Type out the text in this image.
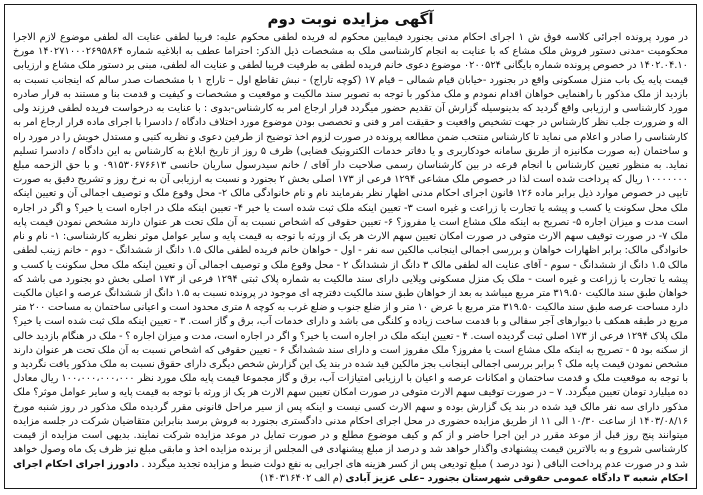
آگهی مزایده نوبت دوم

در مورد پرونده اجرائی کلاسه فوق ش ۱ اجرای احکام مدنی بجنورد فیمابین محکوم له فریده لطفی محکوم علیه: فریبا لطفی عنایت اله لطفی موضوع لازم الاجرا محکومیت -مدنی دستور فروش ملک مشاع که با عنایت به انجام کارشناسی ملک به مشخصات ذیل الذکر: احتراما عطف به ابلاغیه شماره ۱۴۰۲۷۱۰۰۰۲۶۹۵۸۶۴ مورخ ۱۴۰۲.۰۴.۱۰ در خصوص پرونده شماره بایگانی ۰۲۰۰۵۲۴ موضوع دعوی خانم فریده لطفی به طرفیت فریبا لطفی و عنایت اله لطفی، مبنی بر دستور ملک مشاع و ارزیابی قیمت پایه یک باب منزل مسکونی واقع در بجنورد -خیابان قیام شمالی – قیام ۱۷ (کوچه تاراج) - نبش تقاطع اول – تاراج ۱ با مشخصات صدر سالم که اینجانب نسبت به بازدید از ملک مذکور با راهنمایی خواهان اقدام نمودم و ملک مذکور با توجه به تصویر سند مالکیت و موقعیت و مشخصات و کیفیت و قدمت بنا و مستند به قرار صادره مورد کارشناسی و ارزیابی واقع گردید که بدینوسیله گزارش آن تقدیم حضور میگردد قرار ارجاع امر به کارشناس-بدوی : با عنایت به درخواست فریده لطفی فرزند ولی اله و ضرورت جلب نظر کارشناس در جهت تشخیص واقعیت و حقیقت امر و فنی و تخصصی بودن موضوع مورد اختلاف دادگاه / دادسرا با اجرای ماده قرار ارجاع امر به کارشناسی را صادر و اعلام می نماید تا کارشناس منتخب ضمن مطالعه پرونده در صورت لزوم اخذ توضیح از طرفین دعوی و نظریه کتبی و مستدل خویش را در مورد راه و ساختمان (به صورت مکانیزه از طریق سامانه خودکاربری و یا دفاتر خدمات الکترونیک قضایی) ظرف ۵ روز از تاریخ ابلاغ به کارشناس به این دادگاه / دادسرا تسلیم نماید. به منظور تعیین کارشناس با انجام قرعه در بین کارشناسان رسمی صلاحیت دار آقای / خانم سیدرسول ساریان حانسی ۰۹۱۵۳۰۶۷۶۶۱۳ و با حق الزحمه مبلغ ۱۰۰۰۰۰۰۰ ریال که پرداخت شده است لذا در خصوص ملک مشاعی ۱۲۹۴ فرعی از ۱۷۳ اصلی بخش ۲ بجنورد و نسبت به ارزیابی آن به نرخ روز و تشریح دقیق به صورت تایپی در خصوص موارد ذیل برابر ماده ۱۲۶ قانون اجرای احکام مدنی اظهار نظر بفرمایند نام و نام خانوادگی مالک ۲- محل وقوع ملک و توصیف اجمالی آن و تعیین اینکه ملک محل سکونت یا کسب و پیشه یا تجارت یا زراعت و غیره است ۳- تعیین اینکه ملک ثبت شده است یا خیر ۴- تعیین اینکه ملک در اجاره است یا خیر؟ و اگر در اجاره است مدت و میزان اجاره ۵- تصریح به اینکه ملک مشاع است یا مفروز؟ ۶- تعیین حقوقی که اشخاص نسبت به آن ملک تحت هر عنوان دارند مشخص نمودن قیمت پایه ملک ۷- در صورت توقیف سهم الارث متوفی در صورت امکان تعیین سهم الارث هر یک از ورثه با توجه به قیمت پایه و سایر عوامل موثر نظریه کارشناسی: ۱- نام و نام خانوادگی مالک: برابر اظهارات خواهان و بررسی اجمالی اینجانب مالکین سه نفر - اول - خواهان خانم فریده لطفی مالک ۱.۵ دانگ از ششدانگ - دوم - خانم زینب لطفی مالک ۱.۵ دانگ از ششدانگ - سوم - آقای عنایت اله لطفی مالک ۳ دانگ از ششدانگ ۲ - محل وقوع ملک و توصیف اجمالی آن و تعیین اینکه ملک محل سکونت یا کسب و پیشه یا تجارت یا زراعت و غیره است - ملک یک منزل مسکونی ویلایی دارای سند مالکیت به شماره پلاک ثبتی ۱۲۹۴ فرعی از ۱۷۳ اصلی بخش دو بجنورد می باشد که خواهان طبق سند مالکیت ۳۱۹.۵۰ متر مربع میباشد به بعد از خواهان طبق سند مالکیت دفترچه ای موجود در پرونده نسبت به ۱.۵ دانگ از ششدانگ عرصه و اعیان مالکیت دارد مساحت عرصه طبق سند مالکیت ۳۱۹.۵۰ متر مربع با عرض ۱۰ متر و از ضلع جنوب و ضلع غرب به کوچه ۸ متری محدود است و اعیانی ساختمان به مساحت ۲۰۰ متر مربع در طبقه همکف با دیوارهای آجر سفالی و با قدمت ساخت زیاده و کلنگی می باشد و دارای خدمات آب، برق و گاز است. ۳ - تعیین اینکه ملک ثبت شده است یا خیر؟ ملک پلاک ۱۲۹۴ فرعی از ۱۷۳ اصلی ثبت گردیده است. ۴ - تعیین اینکه ملک در اجاره است یا خیر؟ و اگر در اجاره است، مدت و میزان اجاره ؟ - ملک در هنگام بازدید خالی از سکنه بود ۵ - تصریح به اینکه ملک مشاع است یا مفروز؟ ملک مفروز است و دارای سند ششدانگ ۶ - تعیین حقوقی که اشخاص نسبت به آن ملک تحت هر عنوان دارند مشخص نمودن قیمت پایه ملک ؟ برابر بررسی اجمالی اینجانب بجز مالکین قید شده در بند یک این گزارش شخص دیگری دارای حقوق نسبت به ملک مذکور یافت نگردید و با توجه به موقعیت ملک و قدمت ساختمان و امکانات عرصه و اعیان با ارزیابی امتیازات آب، برق و گاز مجموعا قیمت پایه ملک مورد نظر ۱۰۰،۰۰۰،۰۰۰،۰۰۰ ریال معادل ده میلیارد تومان تعیین میگردد. ۷ – در صورت توقیف سهم الارث متوفی در صورت امکان تعیین سهم الارث هر یک از ورثه با توجه به قیمت پایه و سایر عوامل موثر؟ ملک مذکور دارای سه نفر مالک قید شده در بند یک گزارش بوده و سهم الارث کسی نیست و اینکه پس از سیر مراحل قانونی مقرر گردیده ملک مذکور در روز شنبه مورخ ۱۴۰۳/۰۸/۱۶ از ساعت ۱۰/۳۰ الی ۱۱ از طریق مزایده حضوری در محل اجرای احکام مدنی دادگستری بجنورد به فروش برسد بنابراین متقاضیان شرکت در جلسه مزایده میتوانند پنج روز قبل از موعد مقرر در این اجرا حاضر و از کم و کیف موضوع مطلع و در صورت تمایل در موعد مزایده شرکت نمایند. بدیهی است مزایده از قیمت کارشناسی شروع و به بالاترین قیمت پیشنهادی واگذار خواهد شد و درصد از مبلغ پیشنهادی فی المجلس از برنده مزایده اخذ و مابقی مبلغ نیز ظرف یک ماه وصول خواهد شد و در صورت عدم پرداخت الباقی ( نود درصد ) مبلغ تودیعی پس از کسر هزینه های اجرایی به نفع دولت ضبط و مزایده تجدید میگردد . دادورز اجرای احکام اجرای احکام شعبه ۳ دادگاه عمومی حقوقی شهرستان بجنورد –علی عزیز آبادی (م الف ۱۴۰۳۱۶۴۰۲)
